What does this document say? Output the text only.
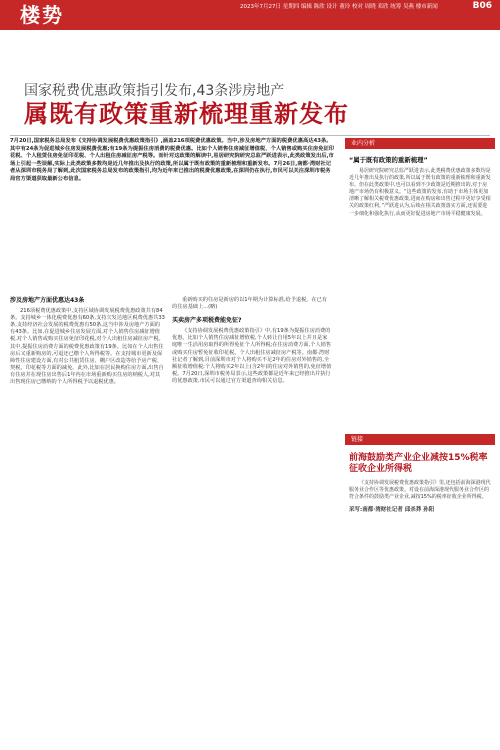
楼势	2023年7月27日 星期四 编辑 陈欣 设计 董玲 校对 周晓 邓欣 统筹 吴燕 楼市新闻	B06
国家税费优惠政策指引发布,43条涉房地产
属既有政策重新梳理重新发布
7月20日,国家税务总局发布《支持协调发展税费优惠政策指引》,涵盖216项税费优惠政策。当中,涉及房地产方面的税费优惠高达43条。其中有24条为促进城乡住房发展税费优惠;有19条为提振住房消费的税费优惠。比如个人销售住房减征增值税、个人销售或购买住房免征印花税、个人租赁住房免征印花税、个人出租住房减征房产税等。而针对这政策的解读中,易居研究院研究总监严跃进表示,此类政策发出后,市场上引起一些误解,实际上此类政策多数均是近几年推出及执行的政策,所以属于既有政策的重新梳理和重新发布。7月26日,南都·湾财社记者从深圳市税务局了解到,此次国家税务总局发布的政策指引,均为近年来已推出的税费优惠政策,在深圳仍在执行,市民可以关注深圳市税务局官方渠道获取最新公布信息。
涉及房地产方面优惠达43条

216项税费优惠政策中,支持区域协调发展税费优惠政策共有84条。支持城乡一体化税费优惠有60条,支持欠发达地区税费优惠共33条,支持经济社会发展的税费优惠有50条,这当中涉及房地产方面的有43条。比如,在促进城乡住房发展方面,对个人销售住房减征增值税,对个人销售或购买住房免征印花税,对个人出租住房减征房产税。其中,提振住房消费方面的税费优惠政策有19条。比如在个人出售住房后又重新购房的,可退还已缴个人所得税等。在支持城市更新及保障性住房建设方面,有对公共租赁住房、棚户区改造等给予房产税、契税、印花税等方面的减免。此外,比如在居民换购住房方面,出售自有住房并在现住房出售后1年内在市场重新购买住房的纳税人,对其出售现住房已缴纳的个人所得税予以退税优惠。

重新购买的住房是新房的以1年期为计算标准,给予退税。在已有的住房基础上...(略)

买卖房产多项税费能免征?

《支持协调发展税费优惠政策指引》中,有19条为提振住房消费的优惠。比如个人销售住房减征增值税,个人转让自用5年以上并且是家庭唯一生活用房取得的所得免征个人所得税;在住房消费方面,个人销售或购买住房暂免征收印花税。个人出租住房减征房产税等。南都·湾财社记者了解到,目前深圳市对个人将购买不足2年的住房对外销售的,全额征收增值税;个人将购买2年以上(含2年)的住房对外销售的,免征增值税。7月20日,深圳市税务局表示,这些政策都是近年来已经推出并执行的优惠政策,市民可以通过官方渠道查询相关信息。

业内分析
“属于既有政策的重新梳理”

易居研究院研究总监严跃进表示,此类税费优惠政策多数均是近几年推出及执行的政策,所以属于既有政策的重新梳理和重新发布。但在此类政策中,也可以看到不少政策是近期推出的,对于房地产市场仍有积极意义。“这些政策的发布,有助于市场主体更加清晰了解相关税费优惠政策,进而在购房和出售过程中更好享受相关的政策红利。”严跃进认为,后续在相关政策落实方面,还需要进一步细化和强化执行,从而更好促进房地产市场平稳健康发展。

链接
前海鼓励类产业企业减按15%税率征收企业所得税

《支持协调发展税费优惠政策指引》里,还包括前海深港现代服务业合作区等优惠政策。对设在前海深港现代服务业合作区的符合条件的鼓励类产业企业,减按15%的税率征收企业所得税。

采写:南都·湾财社记者 邱杀莽 孙阳
